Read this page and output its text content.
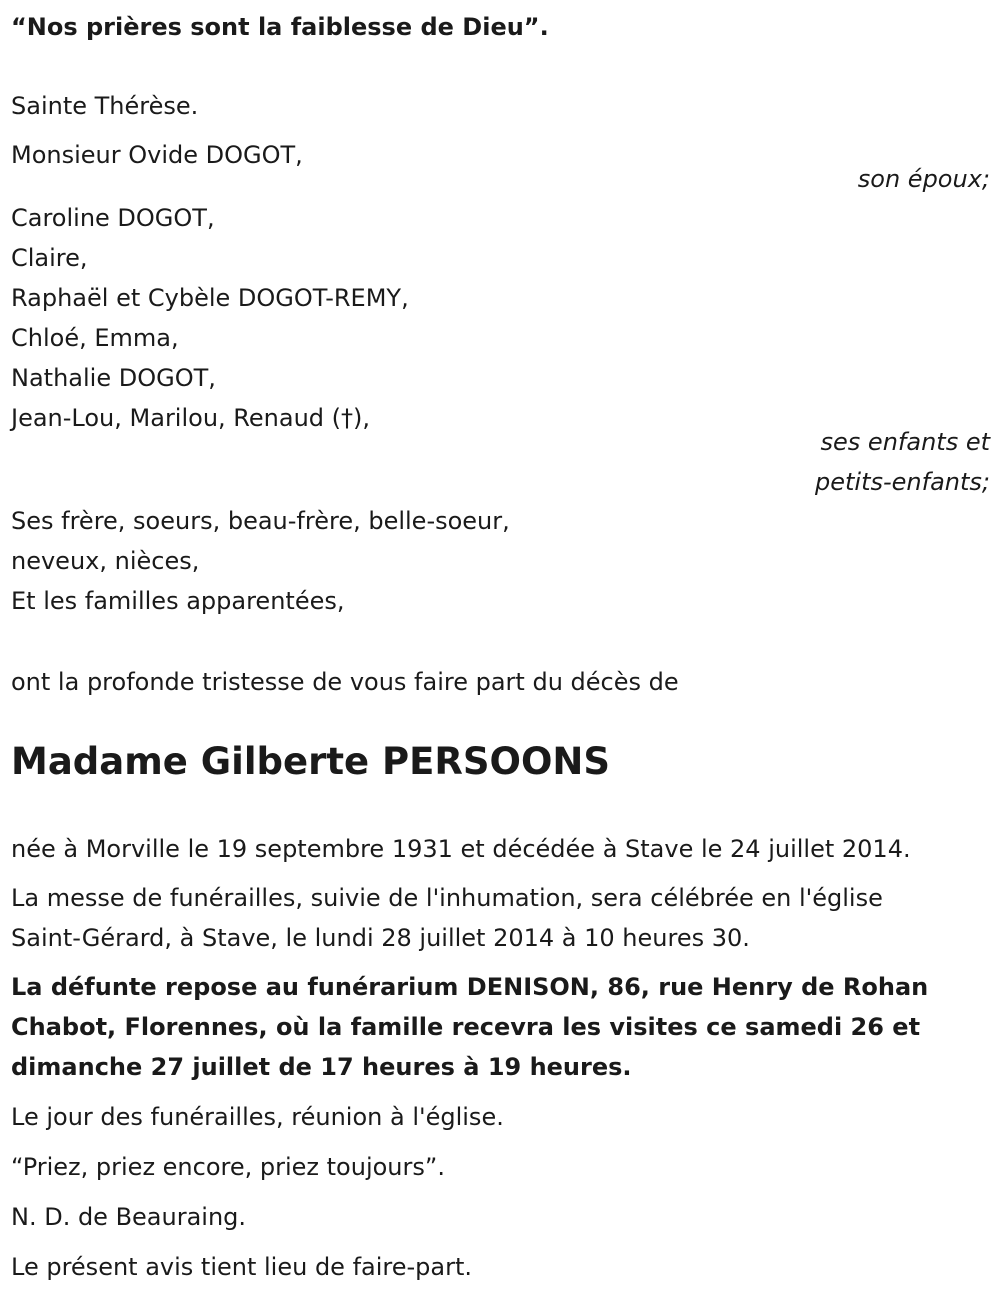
“Nos prières sont la faiblesse de Dieu”.
Sainte Thérèse.
Monsieur Ovide DOGOT,
son époux;
Caroline DOGOT,
Claire,
Raphaël et Cybèle DOGOT-REMY,
Chloé, Emma,
Nathalie DOGOT,
Jean-Lou, Marilou, Renaud (†),
ses enfants et
petits-enfants;
Ses frère, soeurs, beau-frère, belle-soeur,
neveux, nièces,
Et les familles apparentées,
ont la profonde tristesse de vous faire part du décès de
Madame Gilberte PERSOONS
née à Morville le 19 septembre 1931 et décédée à Stave le 24 juillet 2014.
La messe de funérailles, suivie de l'inhumation, sera célébrée en l'église
Saint-Gérard, à Stave, le lundi 28 juillet 2014 à 10 heures 30.
La défunte repose au funérarium DENISON, 86, rue Henry de Rohan
Chabot, Florennes, où la famille recevra les visites ce samedi 26 et
dimanche 27 juillet de 17 heures à 19 heures.
Le jour des funérailles, réunion à l'église.
“Priez, priez encore, priez toujours”.
N. D. de Beauraing.
Le présent avis tient lieu de faire-part.
